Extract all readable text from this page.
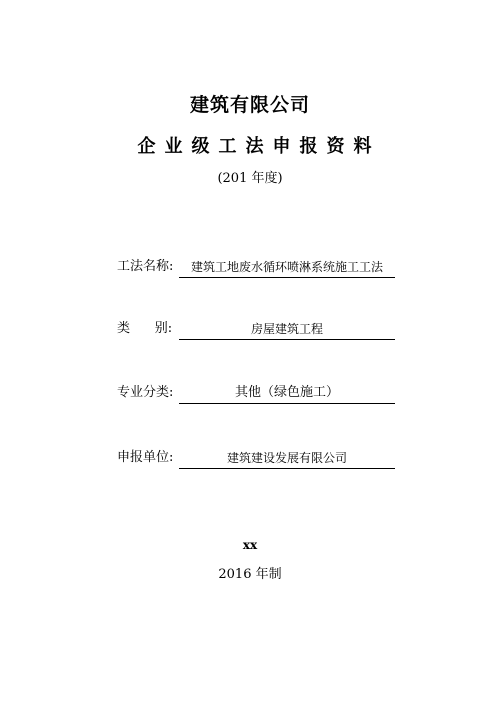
建筑有限公司
企业级工法申报资料
(201 年度)
工法名称:	建筑工地废水循环喷淋系统施工工法
类      别:	房屋建筑工程
专业分类:	其他（绿色施工）
申报单位:	建筑建设发展有限公司
xx
2016 年制
